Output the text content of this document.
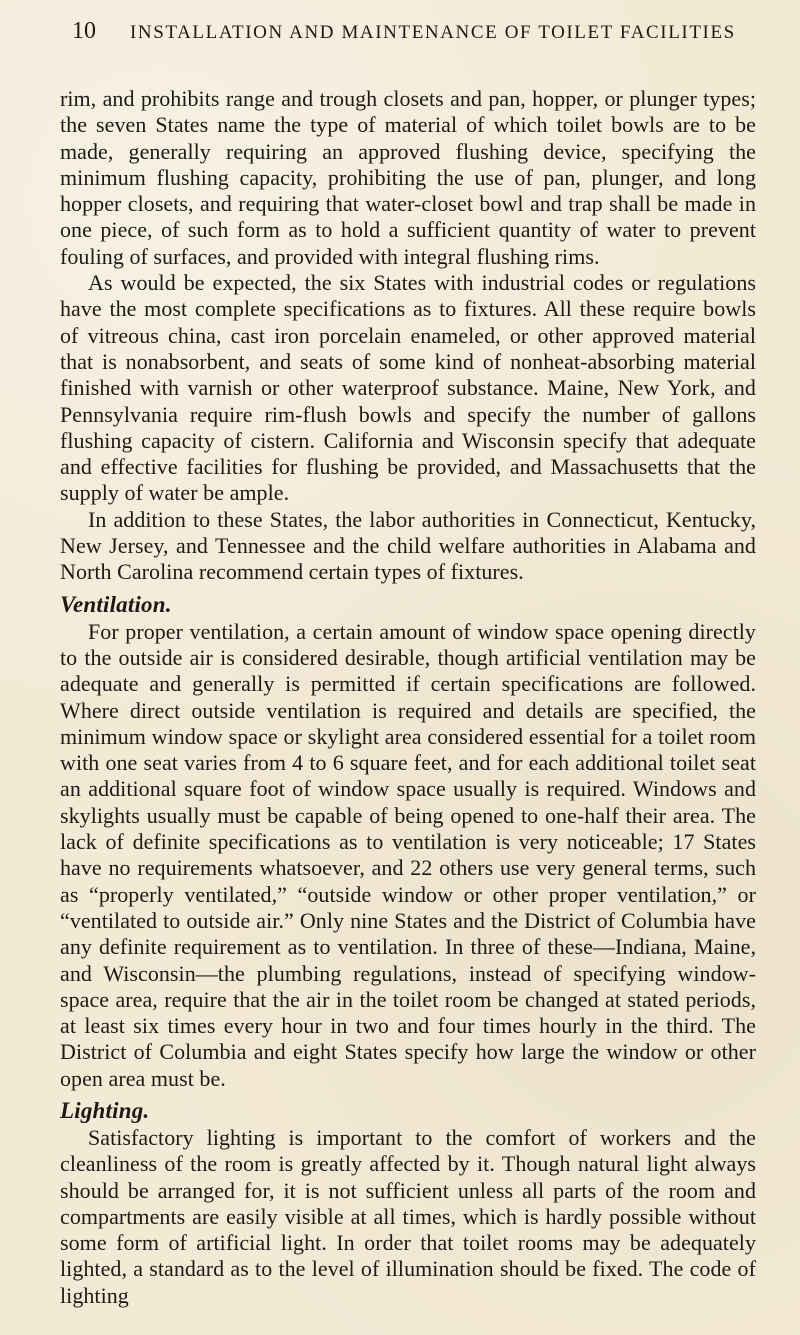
10 INSTALLATION AND MAINTENANCE OF TOILET FACILITIES

rim, and prohibits range and trough closets and pan, hopper, or plunger types; the seven States name the type of material of which toilet bowls are to be made, generally requiring an approved flushing device, specifying the minimum flushing capacity, prohibiting the use of pan, plunger, and long hopper closets, and requiring that water-closet bowl and trap shall be made in one piece, of such form as to hold a sufficient quantity of water to prevent fouling of surfaces, and provided with integral flushing rims.

As would be expected, the six States with industrial codes or regulations have the most complete specifications as to fixtures. All these require bowls of vitreous china, cast iron porcelain enameled, or other approved material that is nonabsorbent, and seats of some kind of nonheat-absorbing material finished with varnish or other waterproof substance. Maine, New York, and Pennsylvania require rim-flush bowls and specify the number of gallons flushing capacity of cistern. California and Wisconsin specify that adequate and effective facilities for flushing be provided, and Massachusetts that the supply of water be ample.

In addition to these States, the labor authorities in Connecticut, Kentucky, New Jersey, and Tennessee and the child welfare authorities in Alabama and North Carolina recommend certain types of fixtures.

Ventilation.

For proper ventilation, a certain amount of window space opening directly to the outside air is considered desirable, though artificial ventilation may be adequate and generally is permitted if certain specifications are followed. Where direct outside ventilation is required and details are specified, the minimum window space or skylight area considered essential for a toilet room with one seat varies from 4 to 6 square feet, and for each additional toilet seat an additional square foot of window space usually is required. Windows and skylights usually must be capable of being opened to one-half their area. The lack of definite specifications as to ventilation is very noticeable; 17 States have no requirements whatsoever, and 22 others use very general terms, such as “properly ventilated,” “outside window or other proper ventilation,” or “ventilated to outside air.” Only nine States and the District of Columbia have any definite requirement as to ventilation. In three of these—Indiana, Maine, and Wisconsin—the plumbing regulations, instead of specifying window-space area, require that the air in the toilet room be changed at stated periods, at least six times every hour in two and four times hourly in the third. The District of Columbia and eight States specify how large the window or other open area must be.

Lighting.

Satisfactory lighting is important to the comfort of workers and the cleanliness of the room is greatly affected by it. Though natural light always should be arranged for, it is not sufficient unless all parts of the room and compartments are easily visible at all times, which is hardly possible without some form of artificial light. In order that toilet rooms may be adequately lighted, a standard as to the level of illumination should be fixed. The code of lighting
